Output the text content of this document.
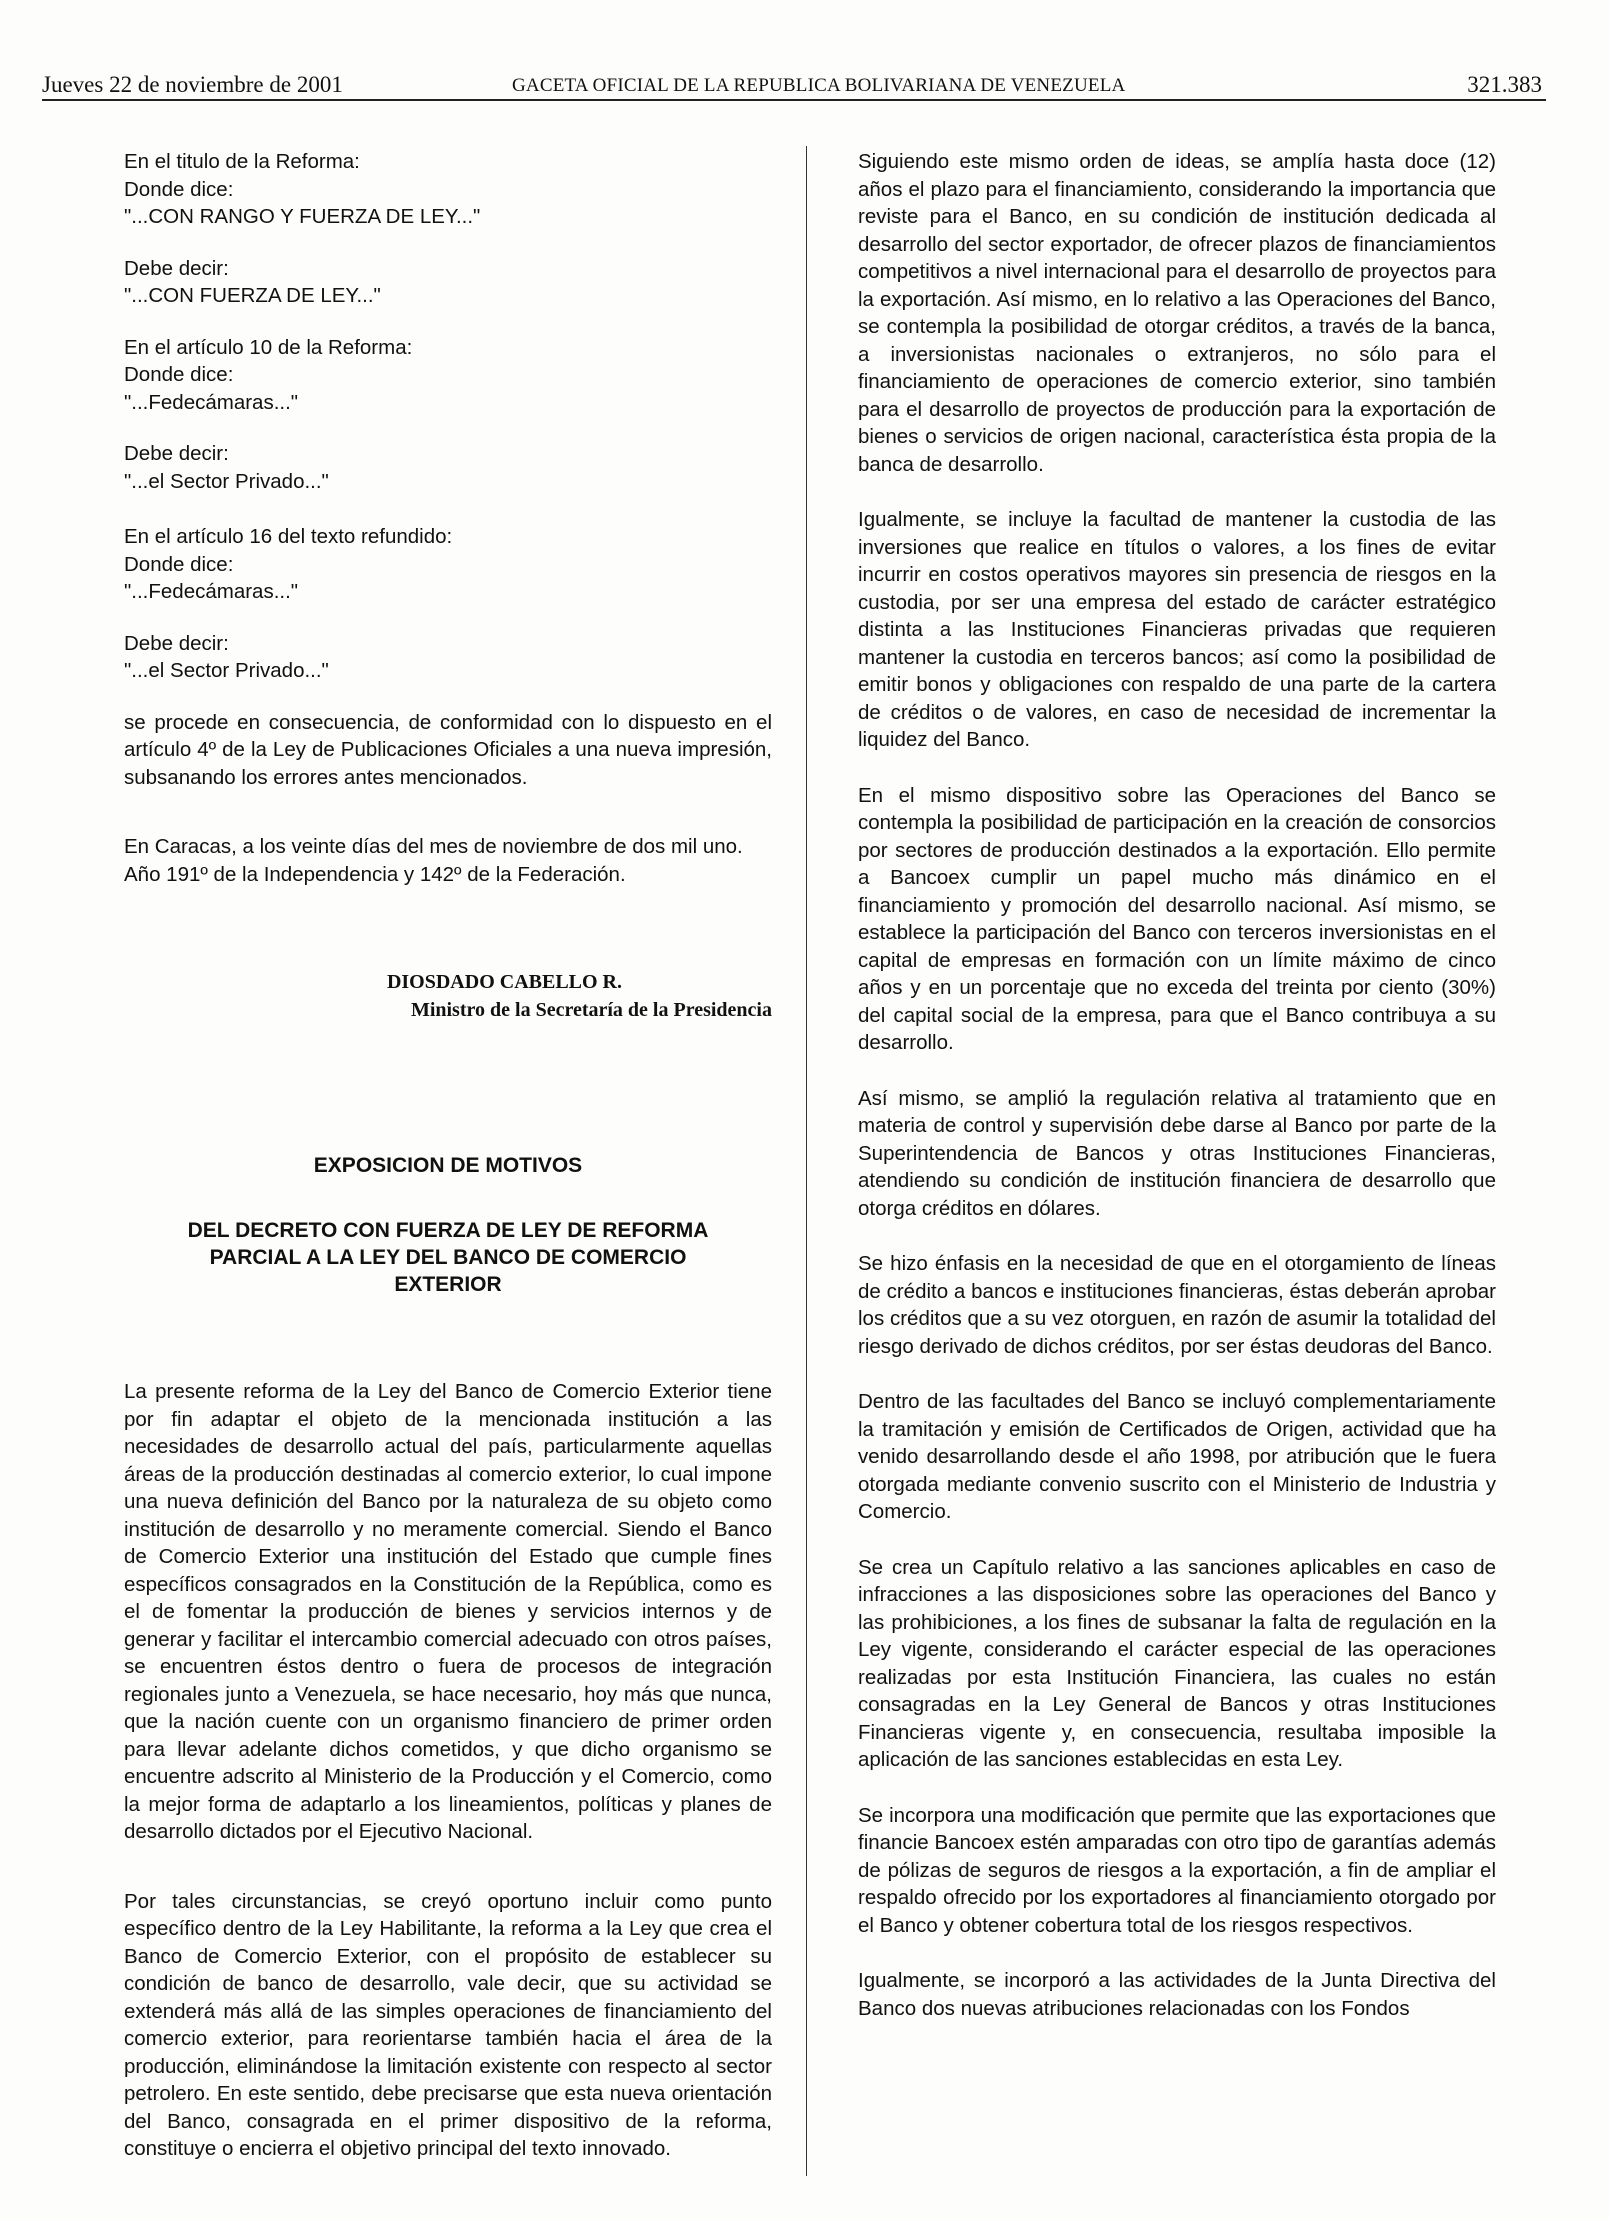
Jueves 22 de noviembre de 2001	GACETA OFICIAL DE LA REPUBLICA BOLIVARIANA DE VENEZUELA	321.383

En el titulo de la Reforma:

Donde dice:

"...CON RANGO Y FUERZA DE LEY..."

Debe decir:

"...CON FUERZA DE LEY..."

En el artículo 10 de la Reforma:

Donde dice:

"...Fedecámaras..."

Debe decir:

"...el Sector Privado..."

En el artículo 16 del texto refundido:

Donde dice:

"...Fedecámaras..."

Debe decir:

"...el Sector Privado..."

se procede en consecuencia, de conformidad con lo dispuesto en el artículo 4º de la Ley de Publicaciones Oficiales a una nueva impresión, subsanando los errores antes mencionados.

En Caracas, a los veinte días del mes de noviembre de dos mil uno.

Año 191º de la Independencia y 142º de la Federación.

DIOSDADO CABELLO R.

Ministro de la Secretaría de la Presidencia

EXPOSICION DE MOTIVOS

DEL DECRETO CON FUERZA DE LEY DE REFORMA

PARCIAL A LA LEY DEL BANCO DE COMERCIO

EXTERIOR

La presente reforma de la Ley del Banco de Comercio Exterior tiene por fin adaptar el objeto de la mencionada institución a las necesidades de desarrollo actual del país, particularmente aquellas áreas de la producción destinadas al comercio exterior, lo cual impone una nueva definición del Banco por la naturaleza de su objeto como institución de desarrollo y no meramente comercial. Siendo el Banco de Comercio Exterior una institución del Estado que cumple fines específicos consagrados en la Constitución de la República, como es el de fomentar la producción de bienes y servicios internos y de generar y facilitar el intercambio comercial adecuado con otros países, se encuentren éstos dentro o fuera de procesos de integración regionales junto a Venezuela, se hace necesario, hoy más que nunca, que la nación cuente con un organismo financiero de primer orden para llevar adelante dichos cometidos, y que dicho organismo se encuentre adscrito al Ministerio de la Producción y el Comercio, como la mejor forma de adaptarlo a los lineamientos, políticas y planes de desarrollo dictados por el Ejecutivo Nacional.

Por tales circunstancias, se creyó oportuno incluir como punto específico dentro de la Ley Habilitante, la reforma a la Ley que crea el Banco de Comercio Exterior, con el propósito de establecer su condición de banco de desarrollo, vale decir, que su actividad se extenderá más allá de las simples operaciones de financiamiento del comercio exterior, para reorientarse también hacia el área de la producción, eliminándose la limitación existente con respecto al sector petrolero. En este sentido, debe precisarse que esta nueva orientación del Banco, consagrada en el primer dispositivo de la reforma, constituye o encierra el objetivo principal del texto innovado.

Siguiendo este mismo orden de ideas, se amplía hasta doce (12) años el plazo para el financiamiento, considerando la importancia que reviste para el Banco, en su condición de institución dedicada al desarrollo del sector exportador, de ofrecer plazos de financiamientos competitivos a nivel internacional para el desarrollo de proyectos para la exportación. Así mismo, en lo relativo a las Operaciones del Banco, se contempla la posibilidad de otorgar créditos, a través de la banca, a inversionistas nacionales o extranjeros, no sólo para el financiamiento de operaciones de comercio exterior, sino también para el desarrollo de proyectos de producción para la exportación de bienes o servicios de origen nacional, característica ésta propia de la banca de desarrollo.

Igualmente, se incluye la facultad de mantener la custodia de las inversiones que realice en títulos o valores, a los fines de evitar incurrir en costos operativos mayores sin presencia de riesgos en la custodia, por ser una empresa del estado de carácter estratégico distinta a las Instituciones Financieras privadas que requieren mantener la custodia en terceros bancos; así como la posibilidad de emitir bonos y obligaciones con respaldo de una parte de la cartera de créditos o de valores, en caso de necesidad de incrementar la liquidez del Banco.

En el mismo dispositivo sobre las Operaciones del Banco se contempla la posibilidad de participación en la creación de consorcios por sectores de producción destinados a la exportación. Ello permite a Bancoex cumplir un papel mucho más dinámico en el financiamiento y promoción del desarrollo nacional. Así mismo, se establece la participación del Banco con terceros inversionistas en el capital de empresas en formación con un límite máximo de cinco años y en un porcentaje que no exceda del treinta por ciento (30%) del capital social de la empresa, para que el Banco contribuya a su desarrollo.

Así mismo, se amplió la regulación relativa al tratamiento que en materia de control y supervisión debe darse al Banco por parte de la Superintendencia de Bancos y otras Instituciones Financieras, atendiendo su condición de institución financiera de desarrollo que otorga créditos en dólares.

Se hizo énfasis en la necesidad de que en el otorgamiento de líneas de crédito a bancos e instituciones financieras, éstas deberán aprobar los créditos que a su vez otorguen, en razón de asumir la totalidad del riesgo derivado de dichos créditos, por ser éstas deudoras del Banco.

Dentro de las facultades del Banco se incluyó complementariamente la tramitación y emisión de Certificados de Origen, actividad que ha venido desarrollando desde el año 1998, por atribución que le fuera otorgada mediante convenio suscrito con el Ministerio de Industria y Comercio.

Se crea un Capítulo relativo a las sanciones aplicables en caso de infracciones a las disposiciones sobre las operaciones del Banco y las prohibiciones, a los fines de subsanar la falta de regulación en la Ley vigente, considerando el carácter especial de las operaciones realizadas por esta Institución Financiera, las cuales no están consagradas en la Ley General de Bancos y otras Instituciones Financieras vigente y, en consecuencia, resultaba imposible la aplicación de las sanciones establecidas en esta Ley.

Se incorpora una modificación que permite que las exportaciones que financie Bancoex estén amparadas con otro tipo de garantías además de pólizas de seguros de riesgos a la exportación, a fin de ampliar el respaldo ofrecido por los exportadores al financiamiento otorgado por el Banco y obtener cobertura total de los riesgos respectivos.

Igualmente, se incorporó a las actividades de la Junta Directiva del Banco dos nuevas atribuciones relacionadas con los Fondos
